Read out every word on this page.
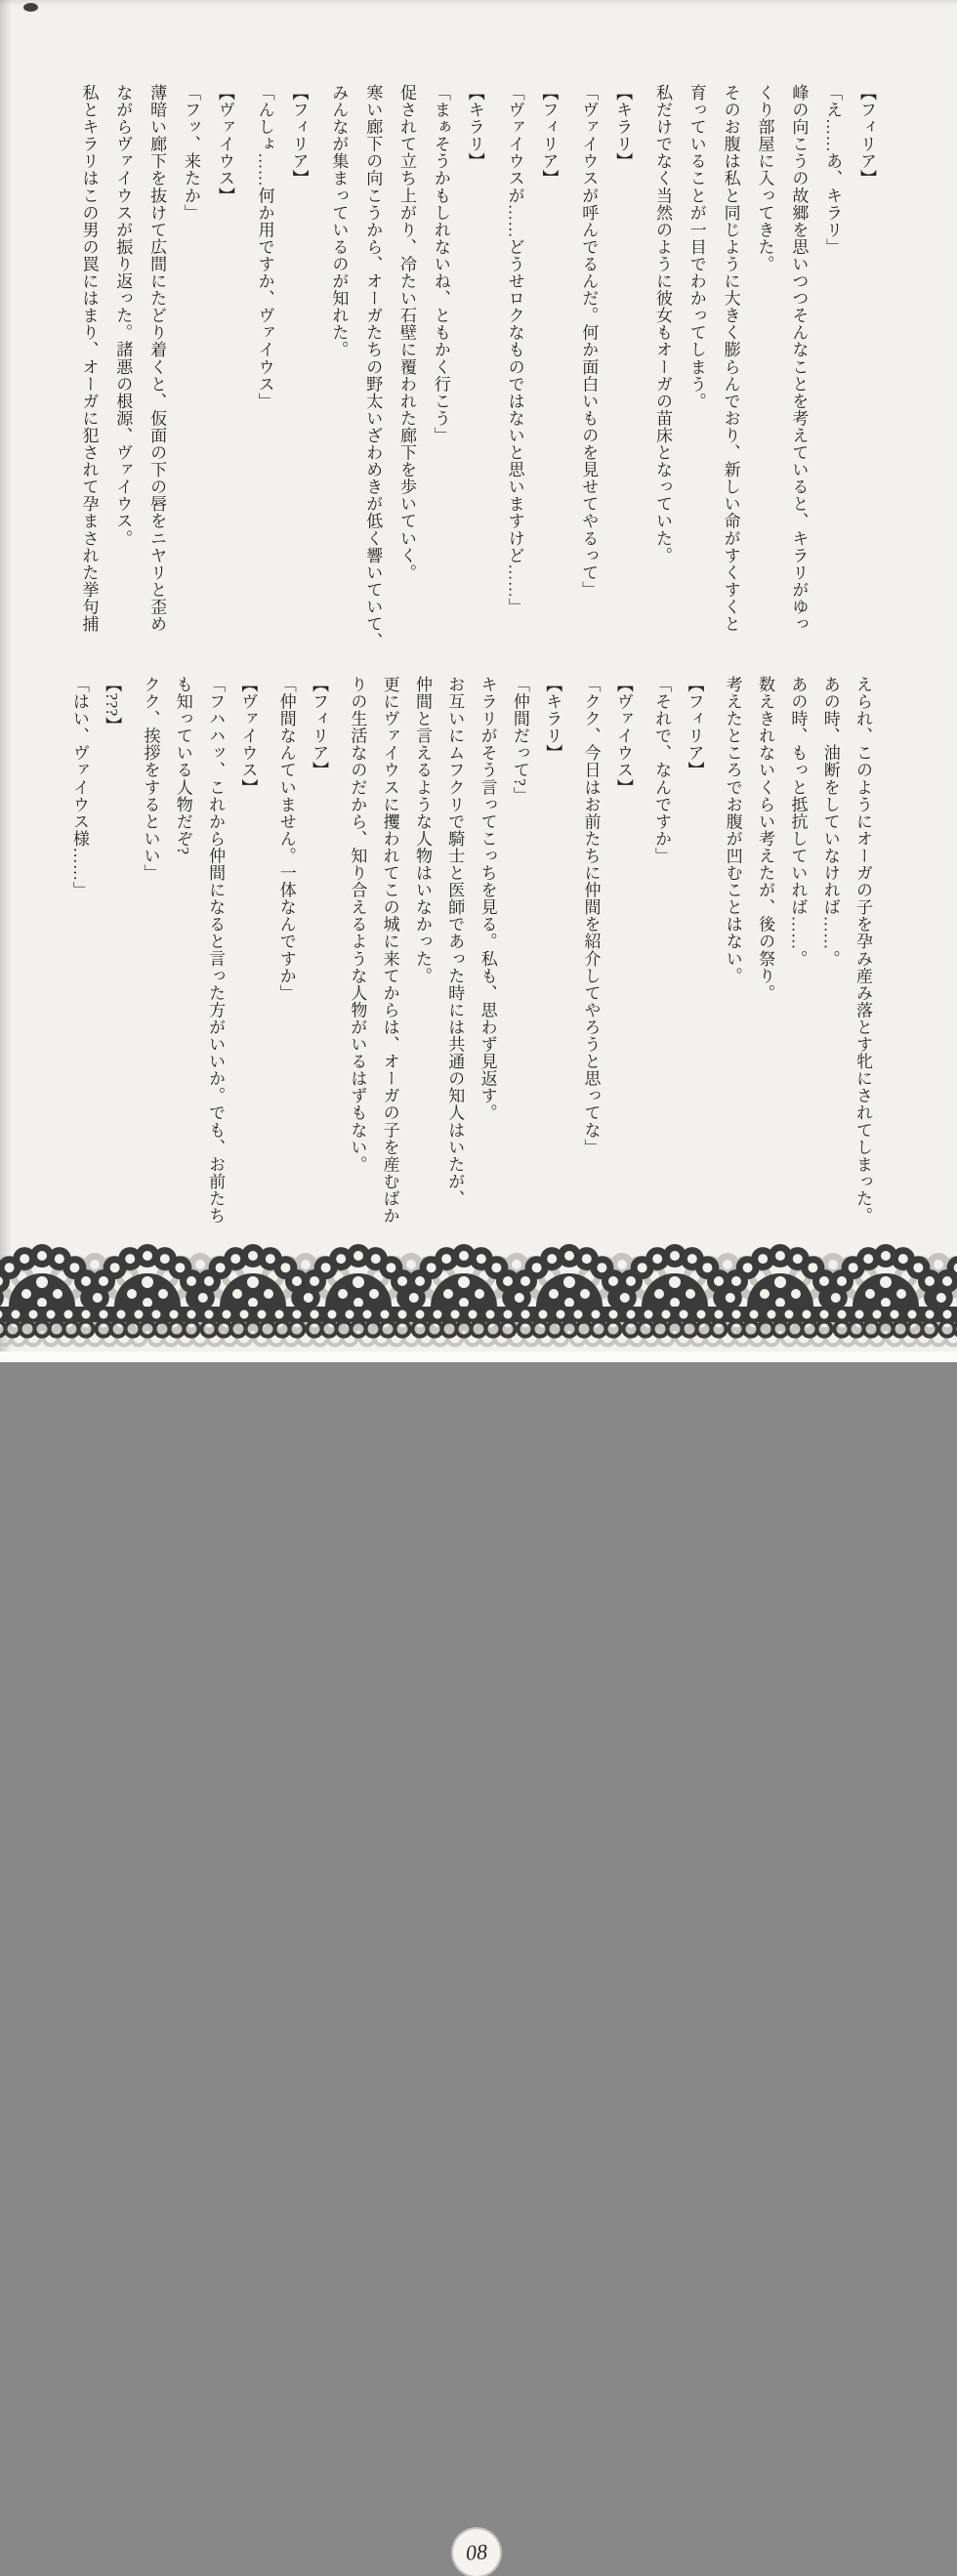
【フィリア】

「え……あ、キラリ」

峰の向こうの故郷を思いつつそんなことを考えていると、キラリがゆっ

くり部屋に入ってきた。

そのお腹は私と同じように大きく膨らんでおり、新しい命がすくすくと

育っていることが一目でわかってしまう。

私だけでなく当然のように彼女もオーガの苗床となっていた。

【キラリ】

「ヴァイウスが呼んでるんだ。何か面白いものを見せてやるって」

【フィリア】

「ヴァイウスが……どうせロクなものではないと思いますけど……」

【キラリ】

「まぁそうかもしれないね、ともかく行こう」

促されて立ち上がり、冷たい石壁に覆われた廊下を歩いていく。

寒い廊下の向こうから、オーガたちの野太いざわめきが低く響いていて、

みんなが集まっているのが知れた。

【フィリア】

「んしょ……何か用ですか、ヴァイウス」

【ヴァイウス】

「フッ、来たか」

薄暗い廊下を抜けて広間にたどり着くと、仮面の下の唇をニヤリと歪め

ながらヴァイウスが振り返った。諸悪の根源、ヴァイウス。

私とキラリはこの男の罠にはまり、オーガに犯されて孕まされた挙句捕

えられ、このようにオーガの子を孕み産み落とす牝にされてしまった。

あの時、油断をしていなければ……。

あの時、もっと抵抗していれば……。

数えきれないくらい考えたが、後の祭り。

考えたところでお腹が凹むことはない。

【フィリア】

「それで、なんですか」

【ヴァイウス】

「クク、今日はお前たちに仲間を紹介してやろうと思ってな」

【キラリ】

「仲間だって?」

キラリがそう言ってこっちを見る。私も、思わず見返す。

お互いにムフクリで騎士と医師であった時には共通の知人はいたが、

仲間と言えるような人物はいなかった。

更にヴァイウスに攫われてこの城に来てからは、オーガの子を産むばか

りの生活なのだから、知り合えるような人物がいるはずもない。

【フィリア】

「仲間なんていません。一体なんですか」

【ヴァイウス】

「フハハッ、これから仲間になると言った方がいいか。でも、お前たち

も知っている人物だぞ?

クク、挨拶をするといい」

【???】

「はい、ヴァイウス様……」

08
